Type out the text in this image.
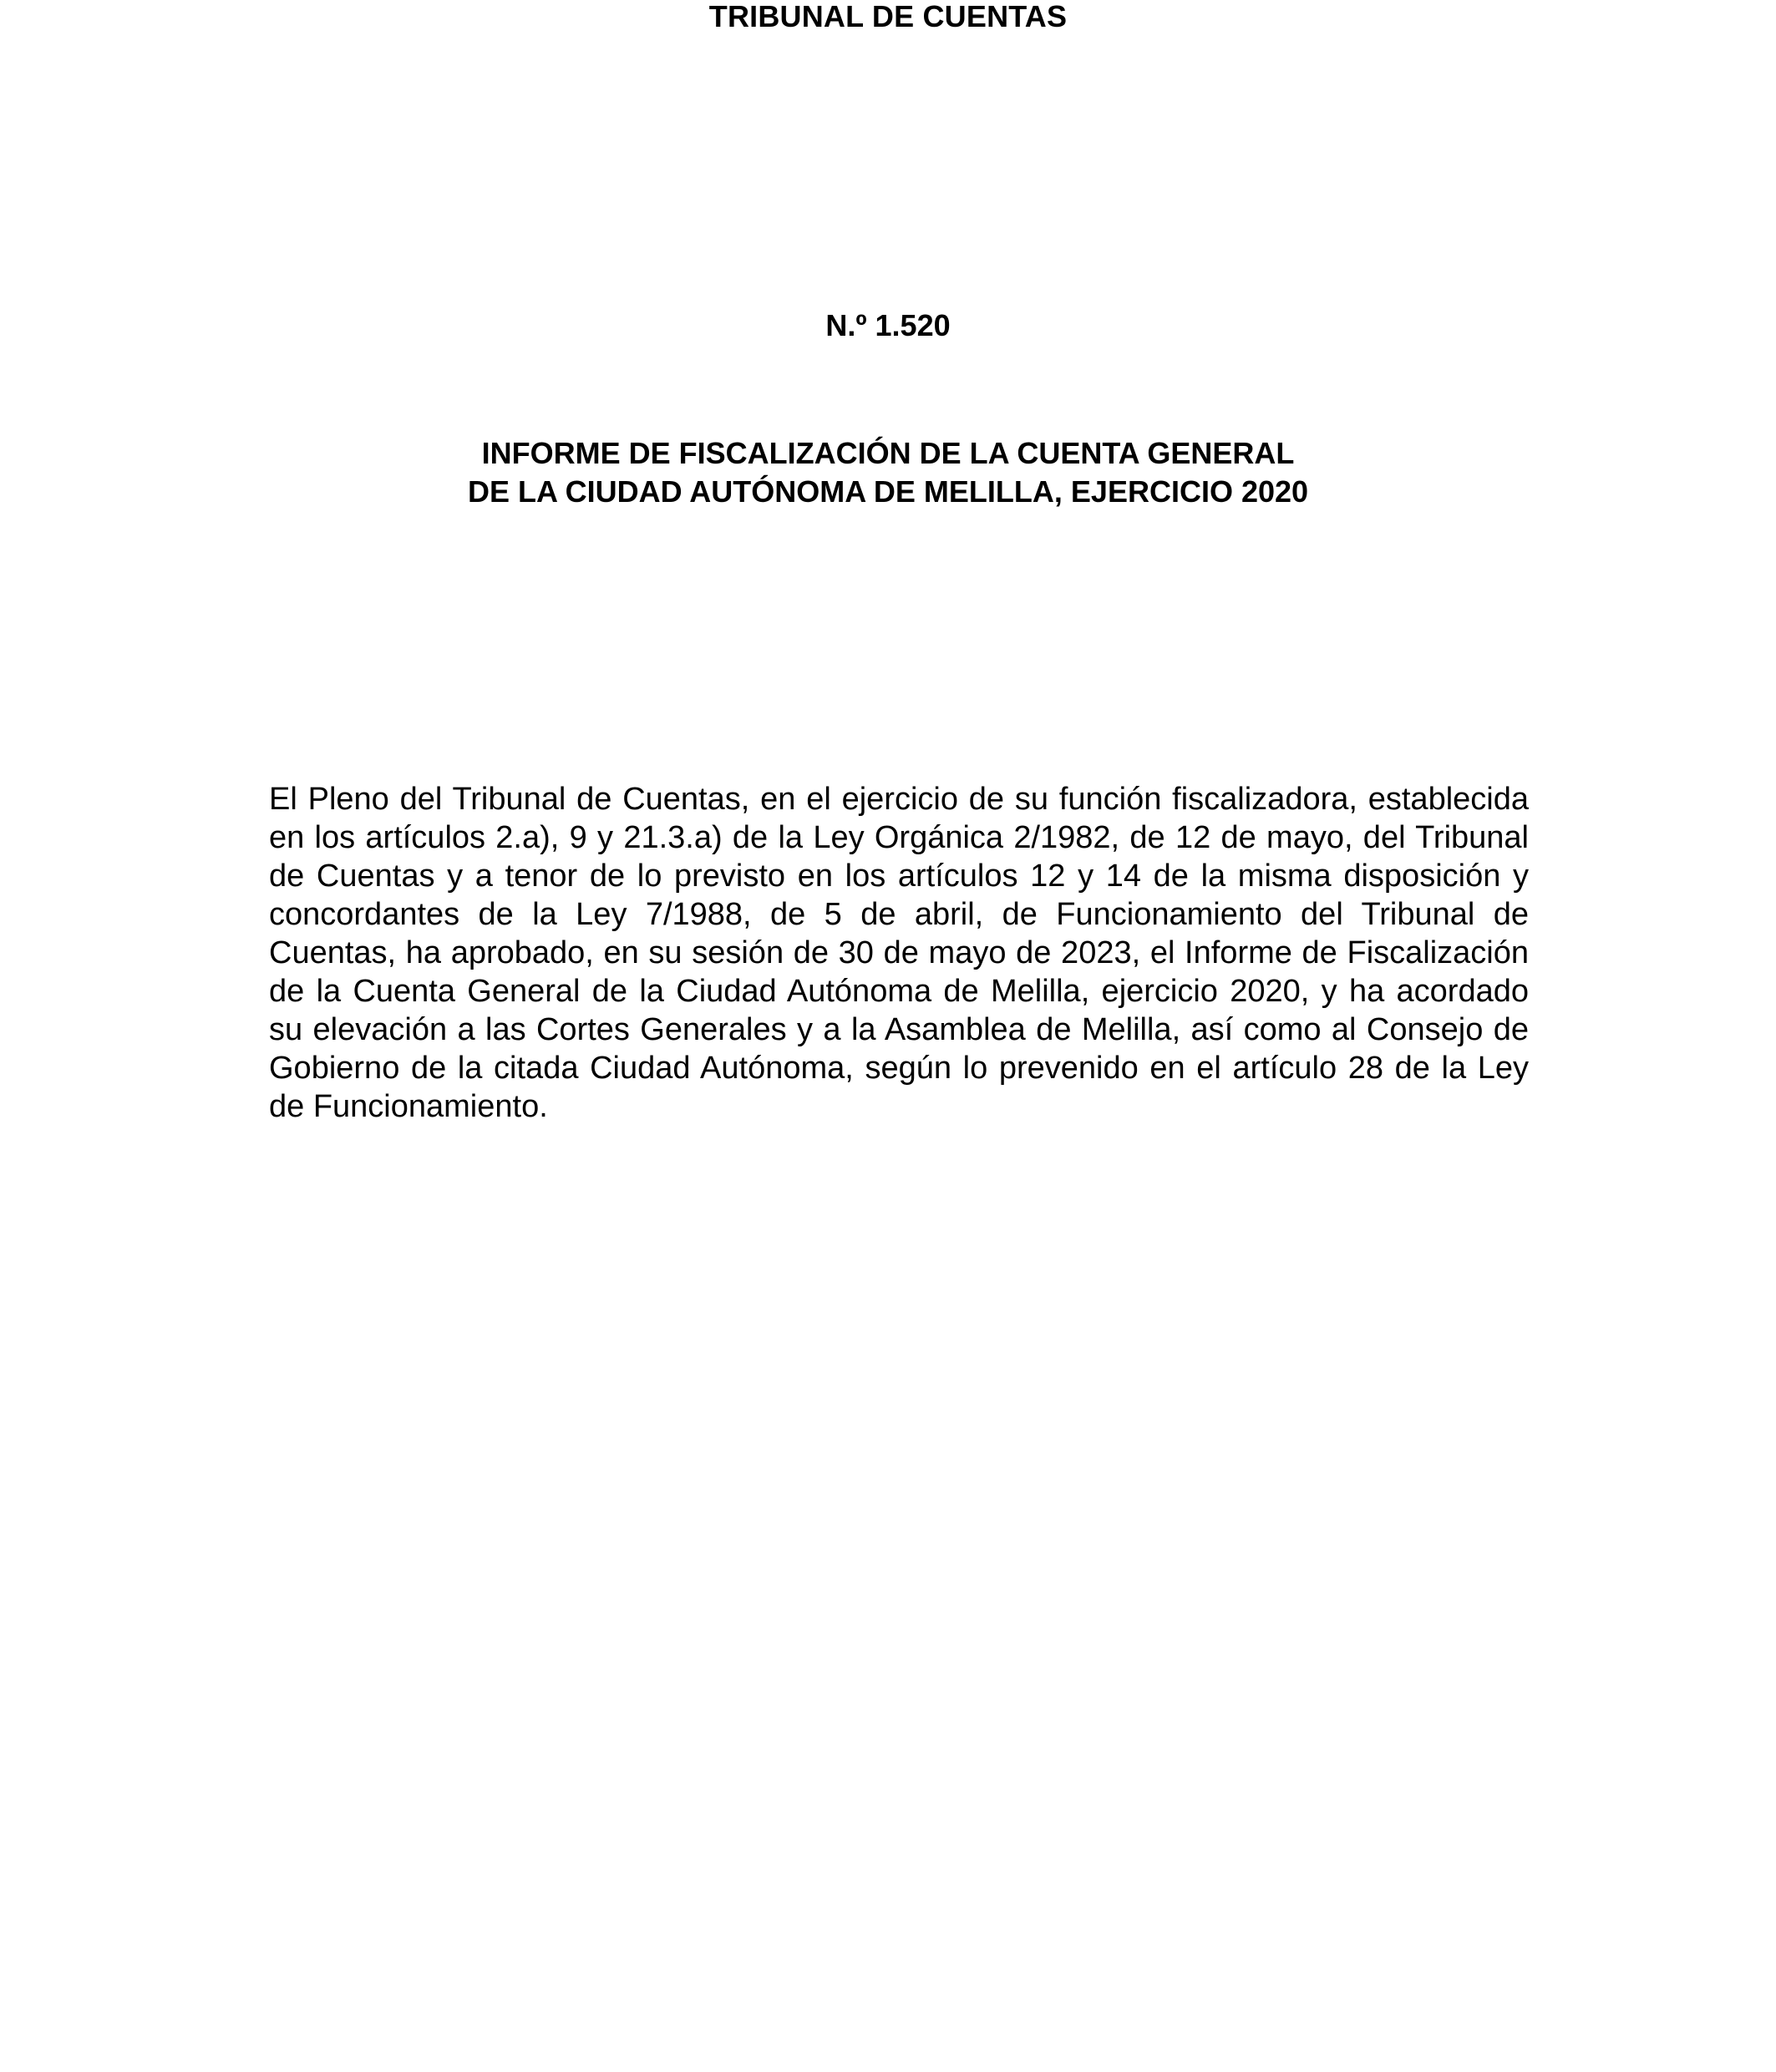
TRIBUNAL DE CUENTAS
N.º 1.520
INFORME DE FISCALIZACIÓN DE LA CUENTA GENERAL
DE LA CIUDAD AUTÓNOMA DE MELILLA, EJERCICIO 2020
El Pleno del Tribunal de Cuentas, en el ejercicio de su función fiscalizadora, establecida
en los artículos 2.a), 9 y 21.3.a) de la Ley Orgánica 2/1982, de 12 de mayo, del Tribunal
de Cuentas y a tenor de lo previsto en los artículos 12 y 14 de la misma disposición y
concordantes de la Ley 7/1988, de 5 de abril, de Funcionamiento del Tribunal de
Cuentas, ha aprobado, en su sesión de 30 de mayo de 2023, el Informe de Fiscalización
de la Cuenta General de la Ciudad Autónoma de Melilla, ejercicio 2020, y ha acordado
su elevación a las Cortes Generales y a la Asamblea de Melilla, así como al Consejo de
Gobierno de la citada Ciudad Autónoma, según lo prevenido en el artículo 28 de la Ley
de Funcionamiento.
